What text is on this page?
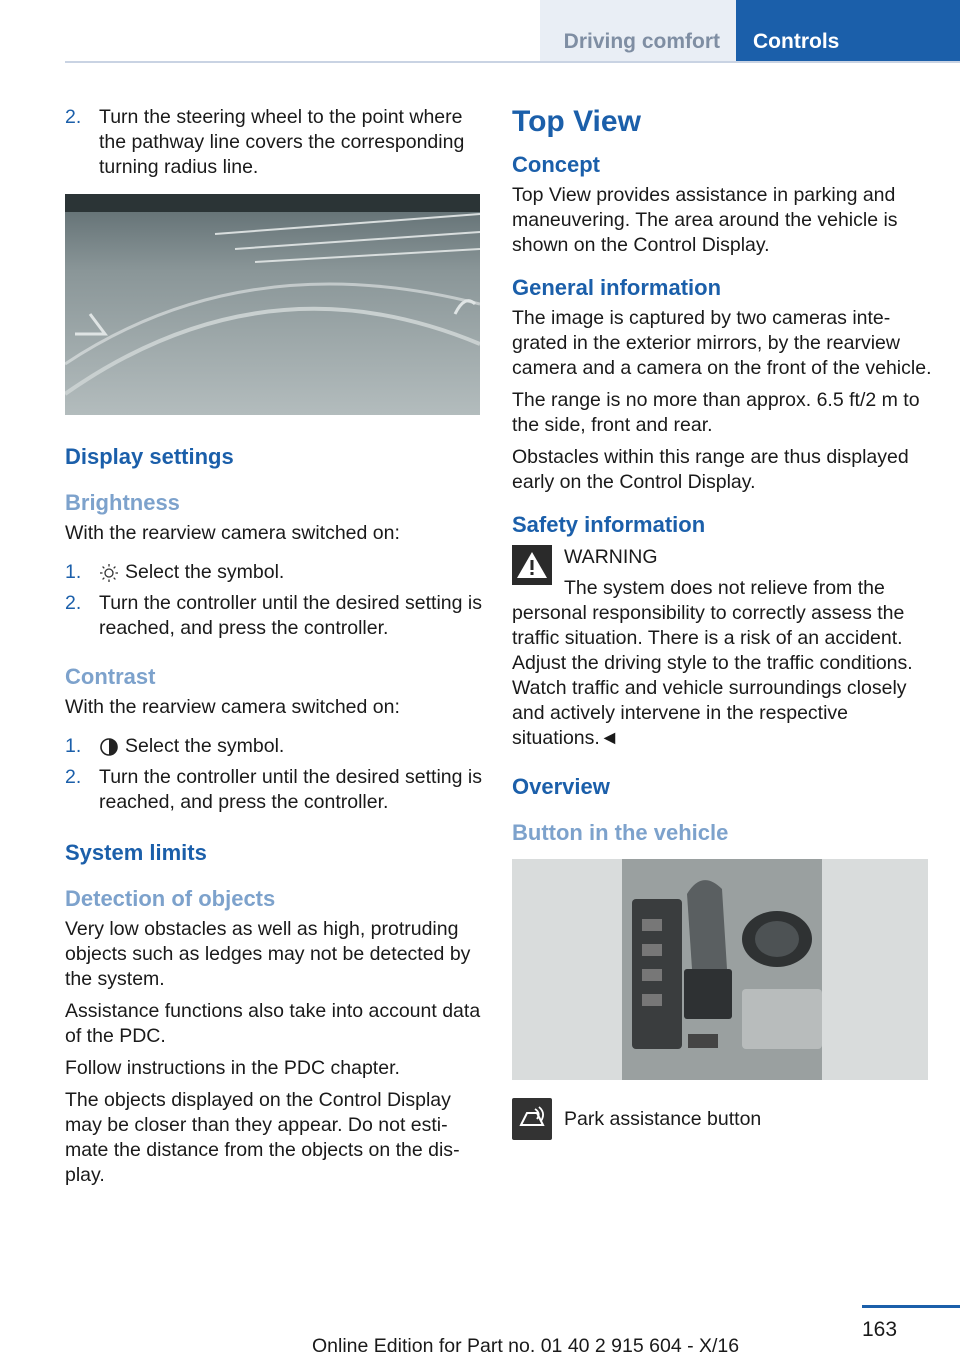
Driving comfort	Controls
2. Turn the steering wheel to the point where the pathway line covers the corresponding turning radius line.
Display settings
Brightness

With the rearview camera switched on:

1.	Select the symbol.
2. Turn the controller until the desired setting is reached, and press the controller.
Contrast

With the rearview camera switched on:

1.	Select the symbol.
2. Turn the controller until the desired setting is reached, and press the controller.
System limits
Detection of objects

Very low obstacles as well as high, protruding objects such as ledges may not be detected by the system.

Assistance functions also take into account data of the PDC.

Follow instructions in the PDC chapter.

The objects displayed on the Control Display may be closer than they appear. Do not estimate the distance from the objects on the display.

Top View
Concept

Top View provides assistance in parking and maneuvering. The area around the vehicle is shown on the Control Display.

General information

The image is captured by two cameras integrated in the exterior mirrors, by the rearview camera and a camera on the front of the vehicle.

The range is no more than approx. 6.5 ft/2 m to the side, front and rear.

Obstacles within this range are thus displayed early on the Control Display.

Safety information

WARNING

The system does not relieve from the

personal responsibility to correctly assess the traffic situation. There is a risk of an accident. Adjust the driving style to the traffic conditions. Watch traffic and vehicle surroundings closely and actively intervene in the respective situations.◄

Overview
Button in the vehicle
Park assistance button
163
Online Edition for Part no. 01 40 2 915 604 - X/16
